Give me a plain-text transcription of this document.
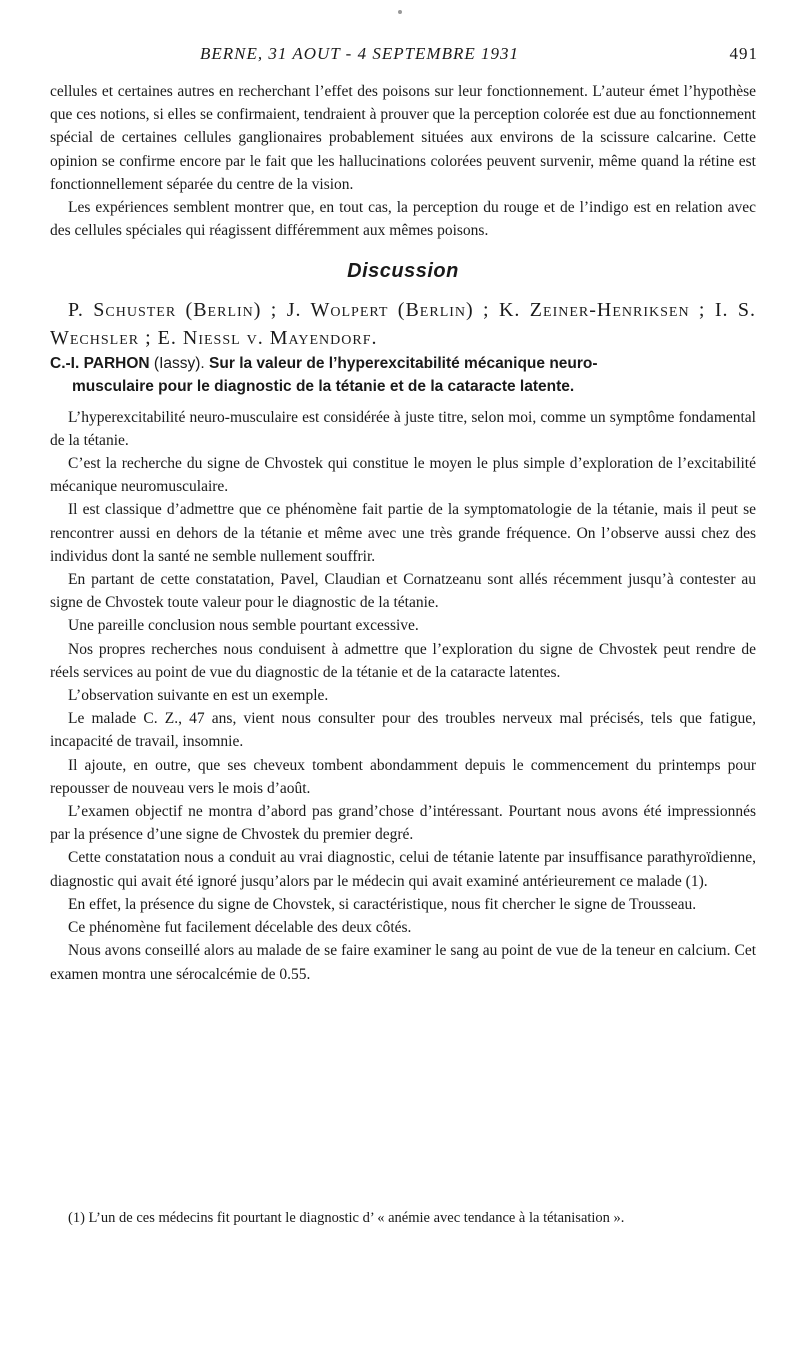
BERNE, 31 AOUT - 4 SEPTEMBRE 1931	491

cellules et certaines autres en recherchant l’effet des poisons sur leur fonctionnement. L’auteur émet l’hypothèse que ces notions, si elles se confirmaient, tendraient à prouver que la perception colorée est due au fonctionnement spécial de certaines cellules ganglionaires probablement situées aux environs de la scissure calcarine. Cette opinion se confirme encore par le fait que les hallucinations colorées peuvent survenir, même quand la rétine est fonctionnellement séparée du centre de la vision.

Les expériences semblent montrer que, en tout cas, la perception du rouge et de l’indigo est en relation avec des cellules spéciales qui réagissent différemment aux mêmes poisons.

Discussion

P. Schuster (Berlin) ; J. Wolpert (Berlin) ; K. Zeiner-Henriksen ; I. S. Wechsler ; E. Niessl v. Mayendorf.

C.-I. PARHON (Iassy). Sur la valeur de l’hyperexcitabilité mécanique neuro-
musculaire pour le diagnostic de la tétanie et de la cataracte latente.

L’hyperexcitabilité neuro-musculaire est considérée à juste titre, selon moi, comme un symptôme fondamental de la tétanie.

C’est la recherche du signe de Chvostek qui constitue le moyen le plus simple d’exploration de l’excitabilité mécanique neuromusculaire.

Il est classique d’admettre que ce phénomène fait partie de la symptomatologie de la tétanie, mais il peut se rencontrer aussi en dehors de la tétanie et même avec une très grande fréquence. On l’observe aussi chez des individus dont la santé ne semble nullement souffrir.

En partant de cette constatation, Pavel, Claudian et Cornatzeanu sont allés récemment jusqu’à contester au signe de Chvostek toute valeur pour le diagnostic de la tétanie.

Une pareille conclusion nous semble pourtant excessive.

Nos propres recherches nous conduisent à admettre que l’exploration du signe de Chvostek peut rendre de réels services au point de vue du diagnostic de la tétanie et de la cataracte latentes.

L’observation suivante en est un exemple.

Le malade C. Z., 47 ans, vient nous consulter pour des troubles nerveux mal précisés, tels que fatigue, incapacité de travail, insomnie.

Il ajoute, en outre, que ses cheveux tombent abondamment depuis le commencement du printemps pour repousser de nouveau vers le mois d’août.

L’examen objectif ne montra d’abord pas grand’chose d’intéressant. Pourtant nous avons été impressionnés par la présence d’une signe de Chvostek du premier degré.

Cette constatation nous a conduit au vrai diagnostic, celui de tétanie latente par insuffisance parathyroïdienne, diagnostic qui avait été ignoré jusqu’alors par le médecin qui avait examiné antérieurement ce malade (1).

En effet, la présence du signe de Chovstek, si caractéristique, nous fit chercher le signe de Trousseau.

Ce phénomène fut facilement décelable des deux côtés.

Nous avons conseillé alors au malade de se faire examiner le sang au point de vue de la teneur en calcium. Cet examen montra une sérocalcémie de 0.55.

(1) L’un de ces médecins fit pourtant le diagnostic d’ « anémie avec tendance à la tétanisation ».
